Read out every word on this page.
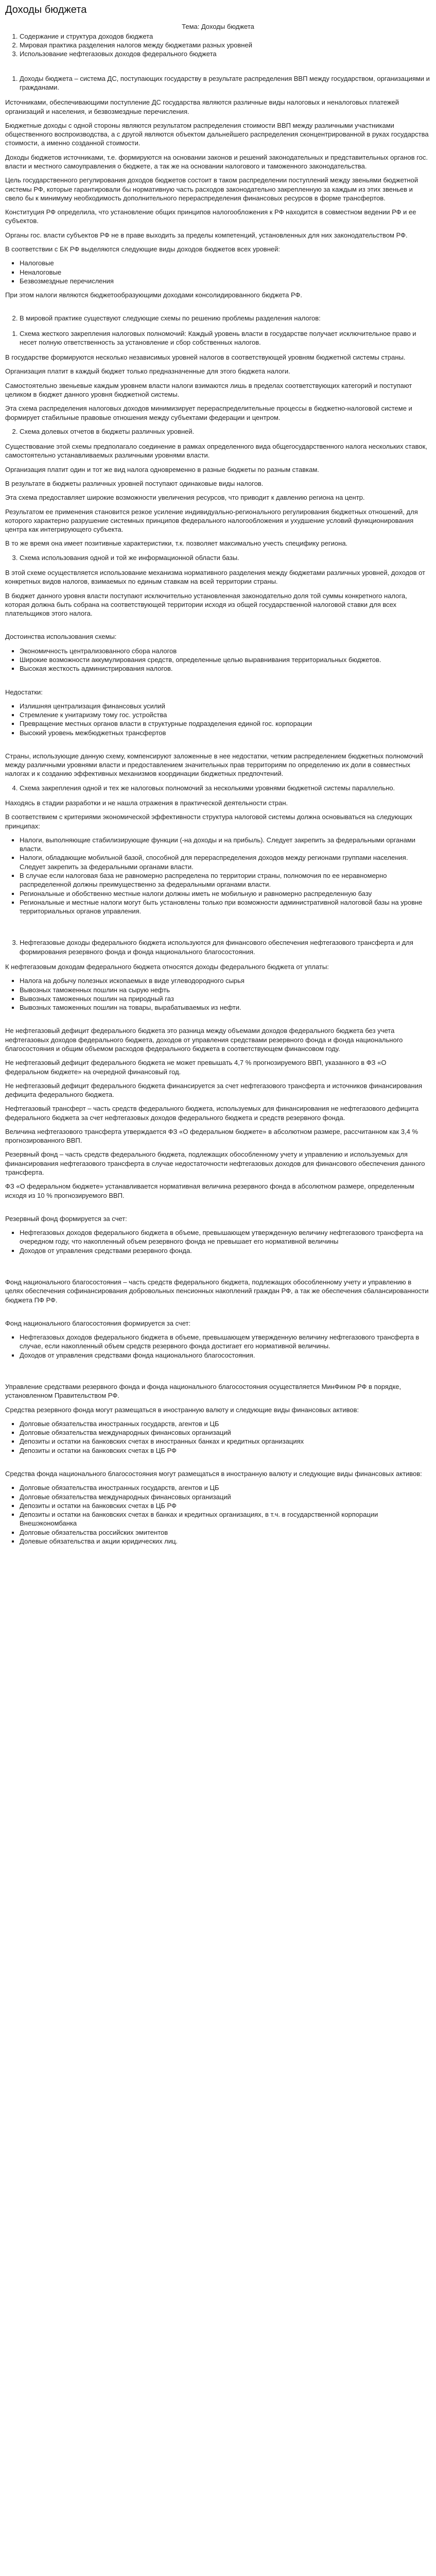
Доходы бюджета
Тема: Доходы бюджета
1. Содержание и структура доходов бюджета
2. Мировая практика разделения налогов между бюджетами разных уровней
3. Использование нефтегазовых доходов федерального бюджета
1. Доходы бюджета – система ДС, поступающих государству в результате распределения ВВП между государством, организациями и гражданами.

Источниками, обеспечивающими поступление ДС государства являются различные виды налоговых и неналоговых платежей организаций и населения, и безвозмездные перечисления.

Бюджетные доходы с одной стороны являются результатом распределения стоимости ВВП между различными участниками общественного воспроизводства, а с другой являются объектом дальнейшего распределения сконцентрированной в руках государства стоимости, а именно созданной стоимости.

Доходы бюджетов источниками, т.е. формируются на основании законов и решений законодательных и представительных органов гос. власти и местного самоуправления о бюджете, а так же на основании налогового и таможенного законодательства.

Цель государственного регулирования доходов бюджетов состоит в таком распределении поступлений между звеньями бюджетной системы РФ, которые гарантировали бы нормативную часть расходов законодательно закрепленную за каждым из этих звеньев и свело бы к минимуму необходимость дополнительного перераспределения финансовых ресурсов в форме трансфертов.

Конституция РФ определила, что установление общих принципов налогообложения к РФ находится в совместном ведении РФ и ее субъектов.

Органы гос. власти субъектов РФ не в праве выходить за пределы компетенций, установленных для них законодательством РФ.

В соответствии с БК РФ выделяются следующие виды доходов бюджетов всех уровней:

▪ Налоговые
▪ Неналоговые
▪ Безвозмездные перечисления

При этом налоги являются бюджетообразующими доходами консолидированного бюджета РФ.

2. В мировой практике существуют следующие схемы по решению проблемы разделения налогов:
1. Схема жесткого закрепления налоговых полномочий: Каждый уровень власти в государстве получает исключительное право и несет полную ответственность за установление и сбор собственных налогов.

В государстве формируются несколько независимых уровней налогов в соответствующей уровням бюджетной системы страны.

Организация платит в каждый бюджет только предназначенные для этого бюджета налоги.

Самостоятельно звеньевые каждым уровнем власти налоги взимаются лишь в пределах соответствующих категорий и поступают целиком в бюджет данного уровня бюджетной системы.

Эта схема распределения налоговых доходов минимизирует перераспределительные процессы в бюджетно-налоговой системе и формирует стабильные правовые отношения между субъектами федерации и центром.

2. Схема долевых отчетов в бюджеты различных уровней.

Существование этой схемы предполагало соединение в рамках определенного вида общегосударственного налога нескольких ставок, самостоятельно устанавливаемых различными уровнями власти.

Организация платит один и тот же вид налога одновременно в разные бюджеты по разным ставкам.

В результате в бюджеты различных уровней поступают одинаковые виды налогов.

Эта схема предоставляет широкие возможности увеличения ресурсов, что приводит к давлению региона на центр.

Результатом ее применения становится резкое усиление индивидуально-регионального регулирования бюджетных отношений, для которого характерно разрушение системных принципов федерального налогообложения и ухудшение условий функционирования центра как интегрирующего субъекта.

В то же время она имеет позитивные характеристики, т.к. позволяет максимально учесть специфику региона.

3. Схема использования одной и той же информационной области базы.

В этой схеме осуществляется использование механизма нормативного разделения между бюджетами различных уровней, доходов от конкретных видов налогов, взимаемых по единым ставкам на всей территории страны.

В бюджет данного уровня власти поступают исключительно установленная законодательно доля той суммы конкретного налога, которая должна быть собрана на соответствующей территории исходя из общей государственной налоговой ставки для всех плательщиков этого налога.

Достоинства использования схемы:

▪ Экономичность централизованного сбора налогов
▪ Широкие возможности аккумулирования средств, определенные целью выравнивания территориальных бюджетов.
▪ Высокая жесткость администрирования налогов.

Недостатки:

▪ Излишняя централизация финансовых усилий
▪ Стремление к унитаризму тому гос. устройства
▪ Превращение местных органов власти в структурные подразделения единой гос. корпорации
▪ Высокий уровень межбюджетных трансфертов

Страны, использующие данную схему, компенсируют заложенные в нее недостатки, четким распределением бюджетных полномочий между различными уровнями власти и предоставлением значительных прав территориям по определению их доли в совместных налогах и к созданию эффективных механизмов координации бюджетных предпочтений.

4. Схема закрепления одной и тех же налоговых полномочий за несколькими уровнями бюджетной системы параллельно.

Находясь в стадии разработки и не нашла отражения в практической деятельности стран.

В соответствием с критериями экономической эффективности структура налоговой системы должна основываться на следующих принципах:

▪ Налоги, выполняющие стабилизирующие функции (-на доходы и на прибыль). Следует закрепить за федеральными органами власти.
▪ Налоги, обладающие мобильной базой, способной для перераспределения доходов между регионами группами населения. Следует закрепить за федеральными органами власти.
▪ В случае если налоговая база не равномерно распределена по территории страны, полномочия по ее неравномерно распределенной должны преимущественно за федеральными органами власти.
▪ Региональные и обобственно местные налоги должны иметь не мобильную и равномерно распределенную базу
▪ Региональные и местные налоги могут быть установлены только при возможности административной налоговой базы на уровне территориальных органов управления.
3. Нефтегазовые доходы федерального бюджета используются для финансового обеспечения нефтегазового трансферта и для формирования резервного фонда и фонда национального благосостояния.

К нефтегазовым доходам федерального бюджета относятся доходы федерального бюджета от уплаты:

▪ Налога на добычу полезных ископаемых в виде углеводородного сырья
▪ Вывозных таможенных пошлин на сырую нефть
▪ Вывозных таможенных пошлин на природный газ
▪ Вывозных таможенных пошлин на товары, вырабатываемых из нефти.

Не нефтегазовый дефицит федерального бюджета это разница между объемами доходов федерального бюджета без учета нефтегазовых доходов федерального бюджета, доходов от управления средствами резервного фонда и фонда национального благосостояния и общим объемом расходов федерального бюджета в соответствующем финансовом году.

Не нефтегазовый дефицит федерального бюджета не может превышать 4,7 % прогнозируемого ВВП, указанного в ФЗ «О федеральном бюджете» на очередной финансовый год.

Не нефтегазовый дефицит федерального бюджета финансируется за счет нефтегазового трансферта и источников финансирования дефицита федерального бюджета.

Нефтегазовый трансферт – часть средств федерального бюджета, используемых для финансирования не нефтегазового дефицита федерального бюджета за счет нефтегазовых доходов федерального бюджета и средств резервного фонда.

Величина нефтегазового трансферта утверждается ФЗ «О федеральном бюджете» в абсолютном размере, рассчитанном как 3,4 % прогнозированного ВВП.

Резервный фонд – часть средств федерального бюджета, подлежащих обособленному учету и управлению и используемых для финансирования нефтегазового трансферта в случае недостаточности нефтегазовых доходов для финансового обеспечения данного трансферта.

ФЗ «О федеральном бюджете» устанавливается нормативная величина резервного фонда в абсолютном размере, определенным исходя из 10 % прогнозируемого ВВП.

Резервный фонд формируется за счет:

▪ Нефтегазовых доходов федерального бюджета в объеме, превышающем утвержденную величину нефтегазового трансферта на очередном году, что накопленный объем резервного фонда не превышает его нормативной величины
▪ Доходов от управления средствами резервного фонда.

Фонд национального благосостояния – часть средств федерального бюджета, подлежащих обособленному учету и управлению в целях обеспечения софинансирования добровольных пенсионных накоплений граждан РФ, а так же обеспечения сбалансированности бюджета ПФ РФ.

Фонд национального благосостояния формируется за счет:

▪ Нефтегазовых доходов федерального бюджета в объеме, превышающем утвержденную величину нефтегазового трансферта в случае, если накопленный объем средств резервного фонда достигает его нормативной величины.
▪ Доходов от управления средствами фонда национального благосостояния.

Управление средствами резервного фонда и фонда национального благосостояния осуществляется МинФином РФ в порядке, установленном Правительством РФ.

Средства резервного фонда могут размещаться в иностранную валюту и следующие виды финансовых активов:

▪ Долговые обязательства иностранных государств, агентов и ЦБ
▪ Долговые обязательства международных финансовых организаций
▪ Депозиты и остатки на банковских счетах в иностранных банках и кредитных организациях
▪ Депозиты и остатки на банковских счетах в ЦБ РФ

Средства фонда национального благосостояния могут размещаться в иностранную валюту и следующие виды финансовых активов:

▪ Долговые обязательства иностранных государств, агентов и ЦБ
▪ Долговые обязательства международных финансовых организаций
▪ Депозиты и остатки на банковских счетах в ЦБ РФ
▪ Депозиты и остатки на банковских счетах в банках и кредитных организациях, в т.ч. в государственной корпорации Внешэкономбанка
▪ Долговые обязательства российских эмитентов
▪ Долевые обязательства и акции юридических лиц.
